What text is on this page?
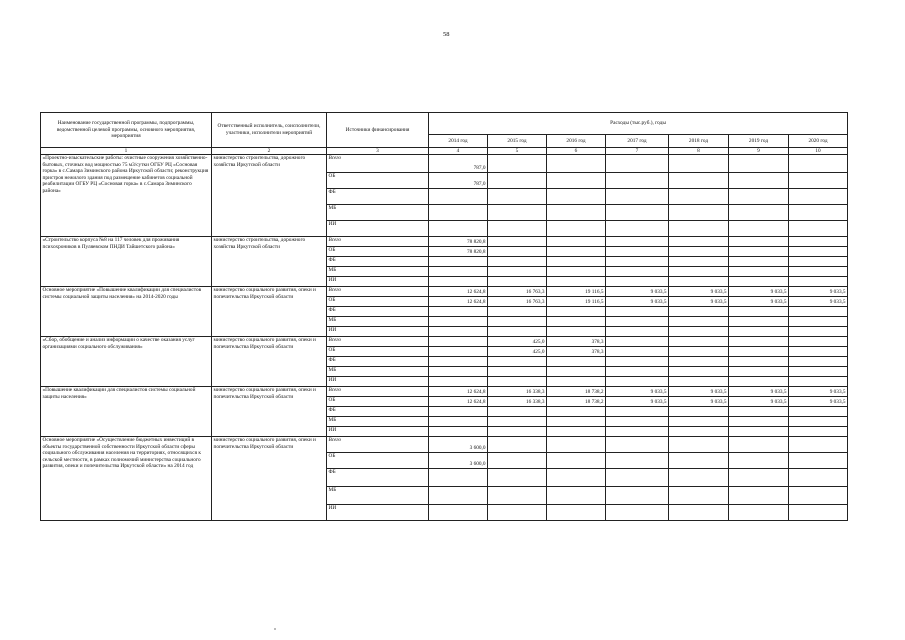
58
Наименование государственной программы, подпрограммы, ведомственной целевой программы, основного мероприятия, мероприятия	Ответственный исполнитель, соисполнители, участники, исполнители мероприятий	Источники финансирования	Расходы (тыс.руб.), годы						
			2014 год	2015 год	2016 год	2017 год	2018 год	2019 год	2020 год
1	2	3	4	5	6	7	8	9	10
«Проектно-изыскательские работы: очистные сооружения хозяйственно-бытовых, сточных вод мощностью 75 м3/сутки ОГБУ РЦ «Сосновая горка» в с.Самара Зиминского района Иркутской области; реконструкция пристроя нежилого здания под размещение кабинетов социальной реабилитации ОГБУ РЦ «Сосновая горка» в с.Самара Зиминского района»	министерство строительства, дорожного хозяйства Иркутской области	Всего	787,0						
		ОБ	787,0						
		ФБ							
		МБ							
		ИИ							
«Строительство корпуса №8 на 117 человек для проживания психохроников в Пуляевском ПНДИ Тайшетского района»	министерство строительства, дорожного хозяйства Иркутской области	Всего	78 820,8						
		ОБ	78 820,8						
		ФБ							
		МБ							
		ИИ							
Основное мероприятие «Повышение квалификации для специалистов системы социальной защиты населения» на 2014-2020 годы	министерство социального развития, опеки и попечительства Иркутской области	Всего	12 624,8	16 763,3	19 116,5	9 033,5	9 033,5	9 033,5	9 033,5
		ОБ	12 624,8	16 763,3	19 116,5	9 033,5	9 033,5	9 033,5	9 033,5
		ФБ							
		МБ							
		ИИ							
«Сбор, обобщение и анализ информации о качестве оказания услуг организациями социального обслуживания»	министерство социального развития, опеки и попечительства Иркутской области	Всего		425,0	378,3				
		ОБ		425,0	378,3				
		ФБ							
		МБ							
		ИИ							
«Повышение квалификации для специалистов системы социальной защиты населения»	министерство социального развития, опеки и попечительства Иркутской области	Всего	12 624,8	16 338,3	18 738,2	9 033,5	9 033,5	9 033,5	9 033,5
		ОБ	12 624,8	16 338,3	18 738,2	9 033,5	9 033,5	9 033,5	9 033,5
		ФБ							
		МБ							
		ИИ							
Основное мероприятие «Осуществление бюджетных инвестиций в объекты государственной собственности Иркутской области сферы социального обслуживания населения на территориях, относящихся к сельской местности, в рамках полномочий министерства социального развития, опеки и попечительства Иркутской области» на 2014 год	министерство социального развития, опеки и попечительства Иркутской области	Всего	3 600,0						
		ОБ	3 600,0						
		ФБ							
		МБ							
		ИИ							
